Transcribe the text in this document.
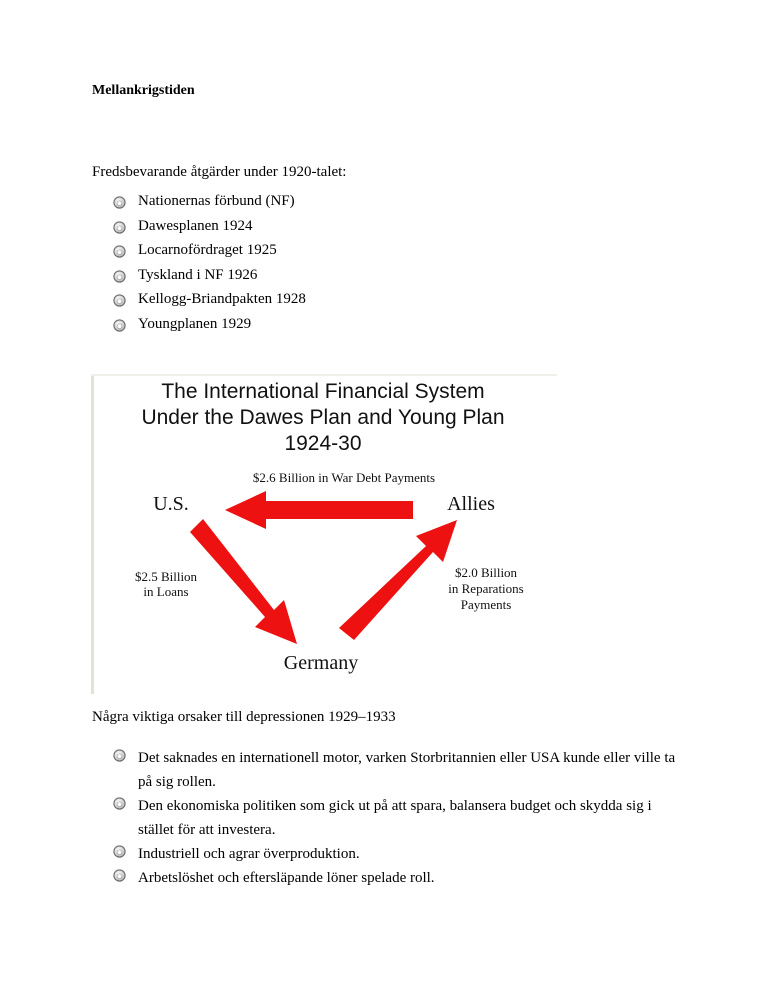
Mellankrigstiden
Fredsbevarande åtgärder under 1920-talet:
Nationernas förbund (NF)
Dawesplanen 1924
Locarnofördraget 1925
Tyskland i NF 1926
Kellogg-Briandpakten 1928
Youngplanen 1929
The International Financial System
Under the Dawes Plan and Young Plan
1924-30
$2.6 Billion in War Debt Payments
U.S.	Allies
Germany
$2.5 Billion
in Loans
$2.0 Billion
in Reparations
Payments
Några viktiga orsaker till depressionen 1929–1933
Det saknades en internationell motor, varken Storbritannien eller USA kunde eller ville ta på sig rollen.
Den ekonomiska politiken som gick ut på att spara, balansera budget och skydda sig i stället för att investera.
Industriell och agrar överproduktion.
Arbetslöshet och eftersläpande löner spelade roll.
